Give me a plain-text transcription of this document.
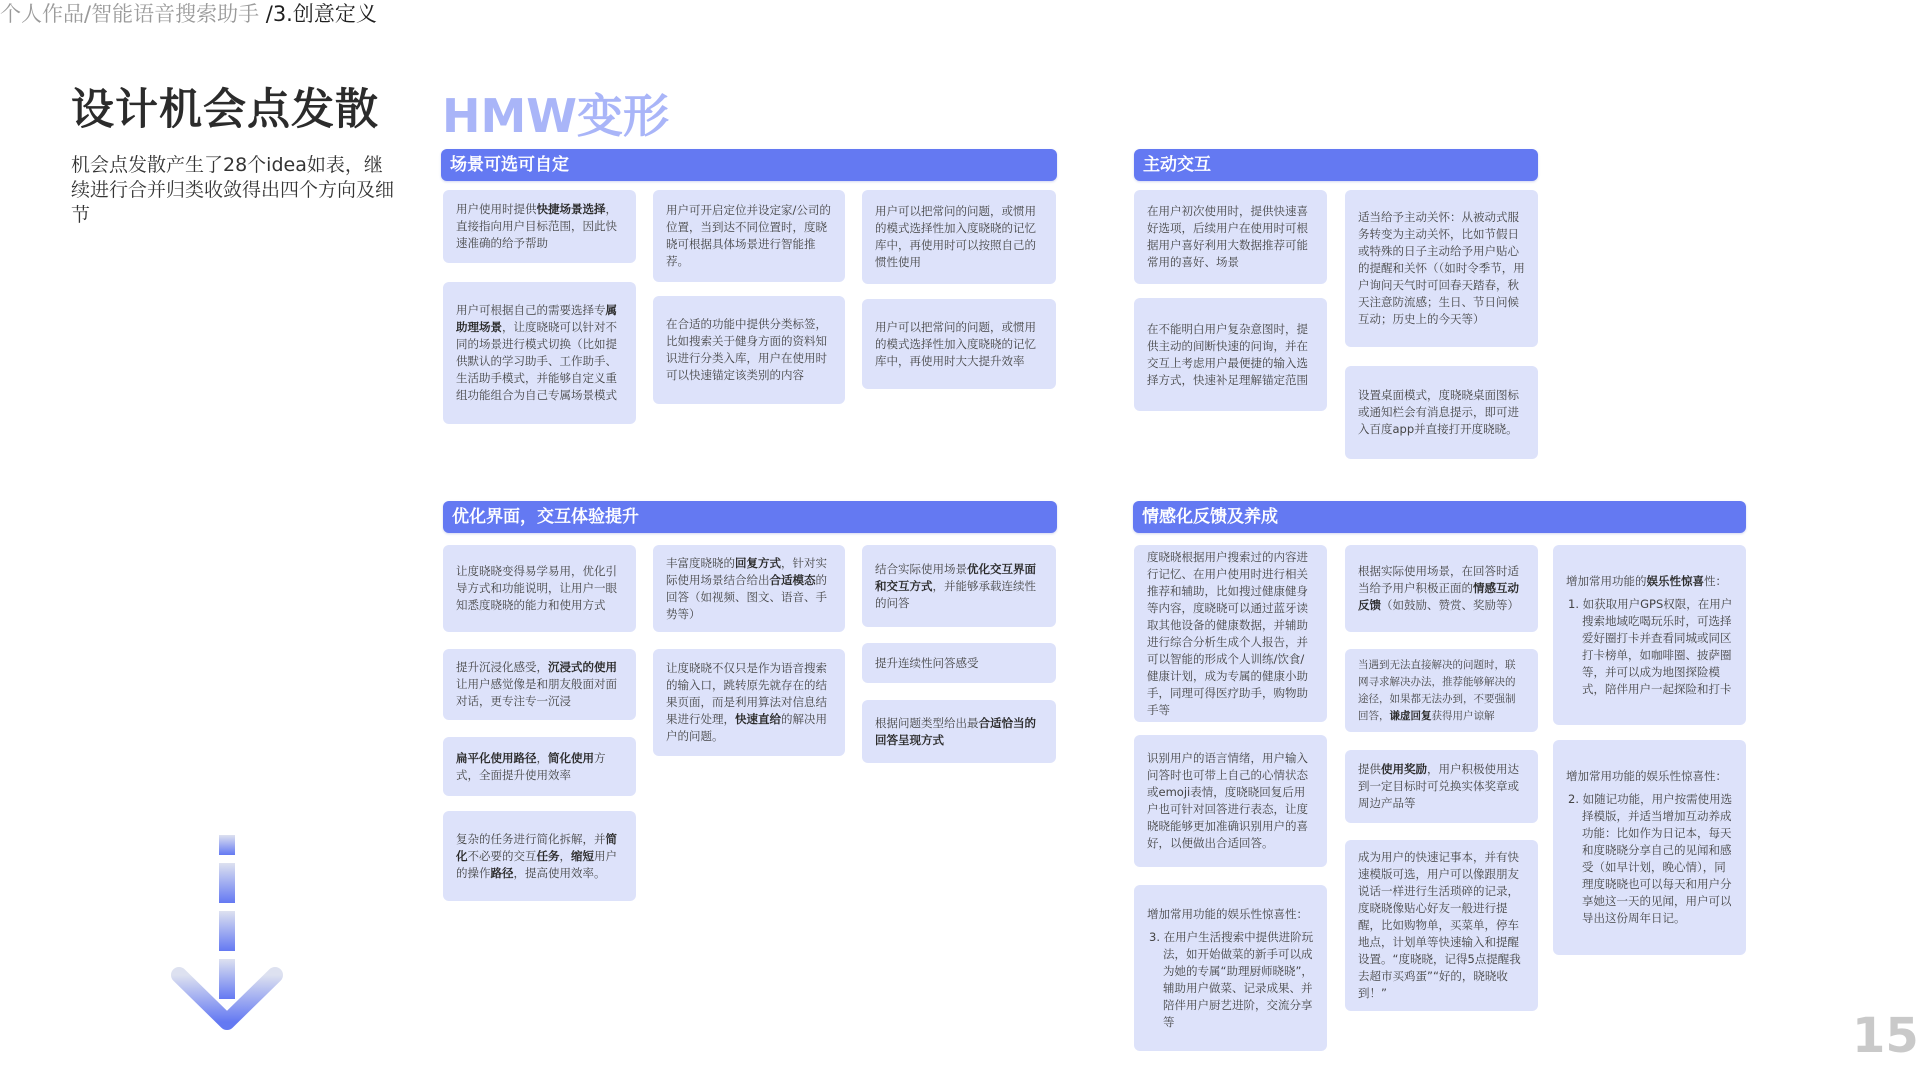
个人作品/智能语音搜索助手 /3.创意定义
设计机会点发散
机会点发散产生了28个idea如表，继续进行合并归类收敛得出四个方向及细节
HMW变形
场景可选可自定

用户使用时提供快捷场景选择，直接指向用户目标范围，因此快速准确的给予帮助

用户可根据自己的需要选择专属助理场景，让度晓晓可以针对不同的场景进行模式切换（比如提供默认的学习助手、工作助手、生活助手模式，并能够自定义重组功能组合为自己专属场景模式

用户可开启定位并设定家/公司的位置，当到达不同位置时，度晓晓可根据具体场景进行智能推荐。

在合适的功能中提供分类标签，比如搜索关于健身方面的资料知识进行分类入库，用户在使用时可以快速锚定该类别的内容

用户可以把常问的问题，或惯用的模式选择性加入度晓晓的记忆库中，再使用时可以按照自己的惯性使用

用户可以把常问的问题，或惯用的模式选择性加入度晓晓的记忆库中，再使用时大大提升效率

主动交互

在用户初次使用时，提供快速喜好选项，后续用户在使用时可根据用户喜好利用大数据推荐可能常用的喜好、场景

在不能明白用户复杂意图时，提供主动的间断快速的问询，并在交互上考虑用户最便捷的输入选择方式，快速补足理解锚定范围

适当给予主动关怀：从被动式服务转变为主动关怀，比如节假日或特殊的日子主动给予用户贴心的提醒和关怀（（如时令季节，用户询问天气时可回春天踏春，秋天注意防流感；生日、节日问候互动；历史上的今天等）

设置桌面模式，度晓晓桌面图标或通知栏会有消息提示，即可进入百度app并直接打开度晓晓。

优化界面，交互体验提升

让度晓晓变得易学易用，优化引导方式和功能说明，让用户一眼知悉度晓晓的能力和使用方式

提升沉浸化感受，沉浸式的使用让用户感觉像是和朋友般面对面对话，更专注专一沉浸

扁平化使用路径，简化使用方式，全面提升使用效率

复杂的任务进行简化拆解，并简化不必要的交互任务，缩短用户的操作路径，提高使用效率。

丰富度晓晓的回复方式，针对实际使用场景结合给出合适模态的回答（如视频、图文、语音、手势等）

让度晓晓不仅只是作为语音搜索的输入口，跳转原先就存在的结果页面，而是利用算法对信息结果进行处理，快速直给的解决用户的问题。

结合实际使用场景优化交互界面和交互方式，并能够承载连续性的问答

提升连续性问答感受

根据问题类型给出最合适恰当的回答呈现方式

情感化反馈及养成

度晓晓根据用户搜索过的内容进行记忆、在用户使用时进行相关推荐和辅助，比如搜过健康健身等内容，度晓晓可以通过蓝牙读取其他设备的健康数据，并辅助进行综合分析生成个人报告，并可以智能的形成个人训练/饮食/健康计划，成为专属的健康小助手，同理可得医疗助手，购物助手等

识别用户的语言情绪，用户输入问答时也可带上自己的心情状态或emoji表情，度晓晓回复后用户也可针对回答进行表态，让度晓晓能够更加准确识别用户的喜好，以便做出合适回答。

增加常用功能的娱乐性惊喜性：

3. 在用户生活搜索中提供进阶玩法，如开始做菜的新手可以成为她的专属“助理厨师晓晓”，辅助用户做菜、记录成果、并陪伴用户厨艺进阶，交流分享等

根据实际使用场景，在回答时适当给予用户积极正面的情感互动反馈（如鼓励、赞赏、奖励等）

当遇到无法直接解决的问题时，联网寻求解决办法，推荐能够解决的途径，如果都无法办到，不要强制回答，谦虚回复获得用户谅解

提供使用奖励，用户积极使用达到一定目标时可兑换实体奖章或周边产品等

成为用户的快速记事本，并有快速模版可选，用户可以像跟朋友说话一样进行生活琐碎的记录，度晓晓像贴心好友一般进行提醒，比如购物单，买菜单，停车地点，计划单等快速输入和提醒设置。“度晓晓，记得5点提醒我去超市买鸡蛋”“好的，晓晓收到！”

增加常用功能的娱乐性惊喜性：

1. 如获取用户GPS权限，在用户搜索地域吃喝玩乐时，可选择爱好圈打卡并查看同城或同区打卡榜单，如咖啡圈、披萨圈等，并可以成为地图探险模式，陪伴用户一起探险和打卡

增加常用功能的娱乐性惊喜性：

2. 如随记功能，用户按需使用选择模版，并适当增加互动养成功能：比如作为日记本，每天和度晓晓分享自己的见闻和感受（如早计划，晚心情），同理度晓晓也可以每天和用户分享她这一天的见闻，用户可以导出这份周年日记。

15
